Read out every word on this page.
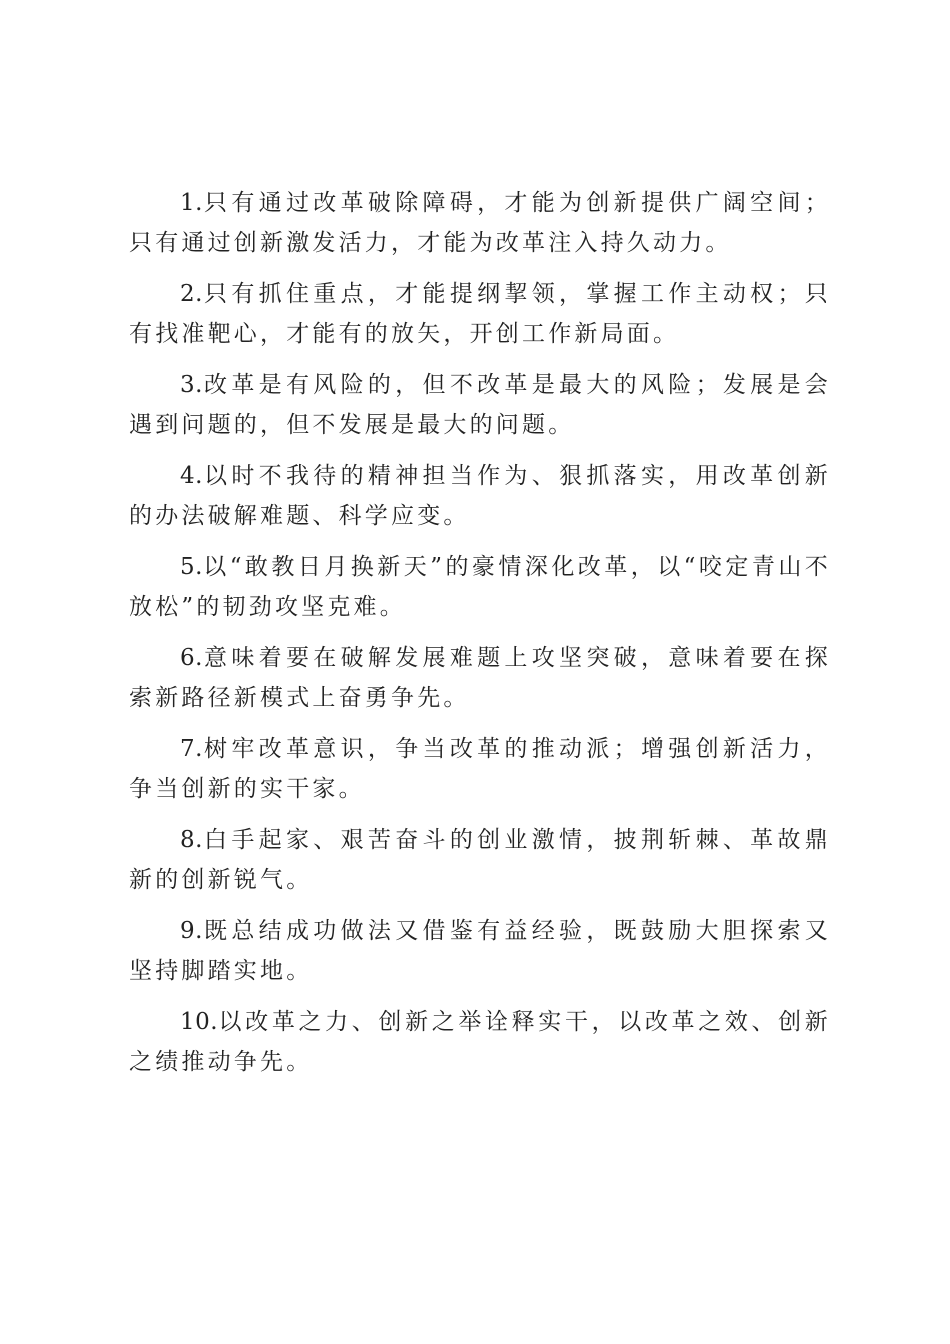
1.只有通过改革破除障碍，才能为创新提供广阔空间；只有通过创新激发活力，才能为改革注入持久动力。

2.只有抓住重点，才能提纲挈领，掌握工作主动权；只有找准靶心，才能有的放矢，开创工作新局面。

3.改革是有风险的，但不改革是最大的风险；发展是会遇到问题的，但不发展是最大的问题。

4.以时不我待的精神担当作为、狠抓落实，用改革创新的办法破解难题、科学应变。

5.以“敢教日月换新天”的豪情深化改革，以“咬定青山不放松”的韧劲攻坚克难。

6.意味着要在破解发展难题上攻坚突破，意味着要在探索新路径新模式上奋勇争先。

7.树牢改革意识，争当改革的推动派；增强创新活力，争当创新的实干家。

8.白手起家、艰苦奋斗的创业激情，披荆斩棘、革故鼎新的创新锐气。

9.既总结成功做法又借鉴有益经验，既鼓励大胆探索又坚持脚踏实地。

10.以改革之力、创新之举诠释实干，以改革之效、创新之绩推动争先。
